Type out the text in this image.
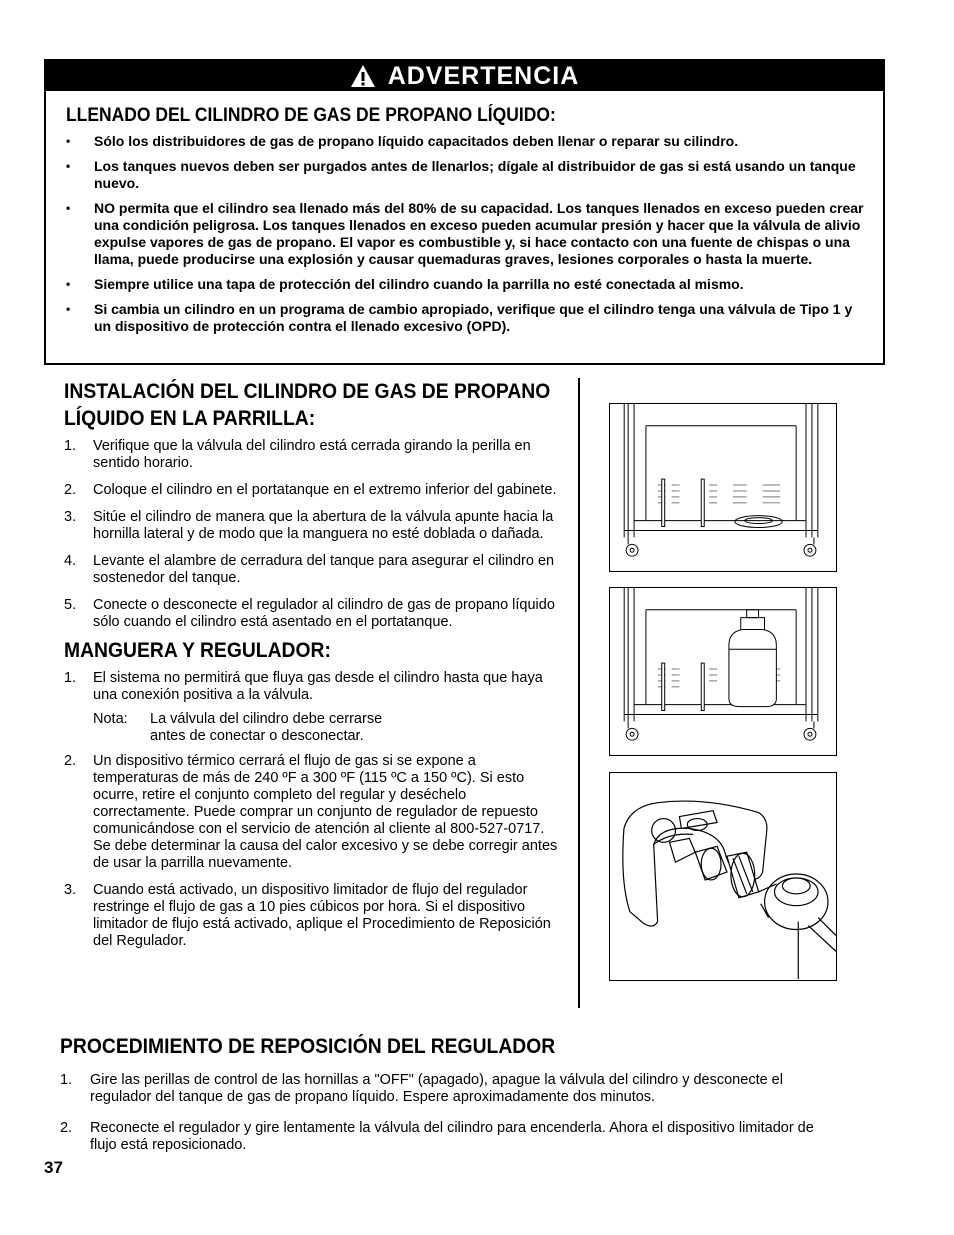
ADVERTENCIA
LLENADO DEL CILINDRO DE GAS DE PROPANO LÍQUIDO:
• Sólo los distribuidores de gas de propano líquido capacitados deben llenar o reparar su cilindro.
• Los tanques nuevos deben ser purgados antes de llenarlos; dígale al distribuidor de gas si está usando un tanque nuevo.
• NO permita que el cilindro sea llenado más del 80% de su capacidad. Los tanques llenados en exceso pueden crear una condición peligrosa. Los tanques llenados en exceso pueden acumular presión y hacer que la válvula de alivio expulse vapores de gas de propano. El vapor es combustible y, si hace contacto con una fuente de chispas o una llama, puede producirse una explosión y causar quemaduras graves, lesiones corporales o hasta la muerte.
• Siempre utilice una tapa de protección del cilindro cuando la parrilla no esté conectada al mismo.
• Si cambia un cilindro en un programa de cambio apropiado, verifique que el cilindro tenga una válvula de Tipo 1 y un dispositivo de protección contra el llenado excesivo (OPD).
INSTALACIÓN DEL CILINDRO DE GAS DE PROPANO LÍQUIDO EN LA PARRILLA:
1. Verifique que la válvula del cilindro está cerrada girando la perilla en sentido horario.
2. Coloque el cilindro en el portatanque en el extremo inferior del gabinete.
3. Sitúe el cilindro de manera que la abertura de la válvula apunte hacia la hornilla lateral y de modo que la manguera no esté doblada o dañada.
4. Levante el alambre de cerradura del tanque para asegurar el cilindro en sostenedor del tanque.
5. Conecte o desconecte el regulador al cilindro de gas de propano líquido sólo cuando el cilindro está asentado en el portatanque.
MANGUERA Y REGULADOR:
1. El sistema no permitirá que fluya gas desde el cilindro hasta que haya una conexión positiva a la válvula.
Nota:	La válvula del cilindro debe cerrarse antes de conectar o desconectar.
2. Un dispositivo térmico cerrará el flujo de gas si se expone a temperaturas de más de 240 ºF a 300 ºF (115 ºC a 150 ºC). Si esto ocurre, retire el conjunto completo del regular y deséchelo correctamente. Puede comprar un conjunto de regulador de repuesto comunicándose con el servicio de atención al cliente al 800-527-0717. Se debe determinar la causa del calor excesivo y se debe corregir antes de usar la parrilla nuevamente.
3. Cuando está activado, un dispositivo limitador de flujo del regulador restringe el flujo de gas a 10 pies cúbicos por hora. Si el dispositivo limitador de flujo está activado, aplique el Procedimiento de Reposición del Regulador.
PROCEDIMIENTO DE REPOSICIÓN DEL REGULADOR
1. Gire las perillas de control de las hornillas a "OFF" (apagado), apague la válvula del cilindro y desconecte el regulador del tanque de gas de propano líquido. Espere aproximadamente dos minutos.
2. Reconecte el regulador y gire lentamente la válvula del cilindro para encenderla. Ahora el dispositivo limitador de flujo está reposicionado.
37
